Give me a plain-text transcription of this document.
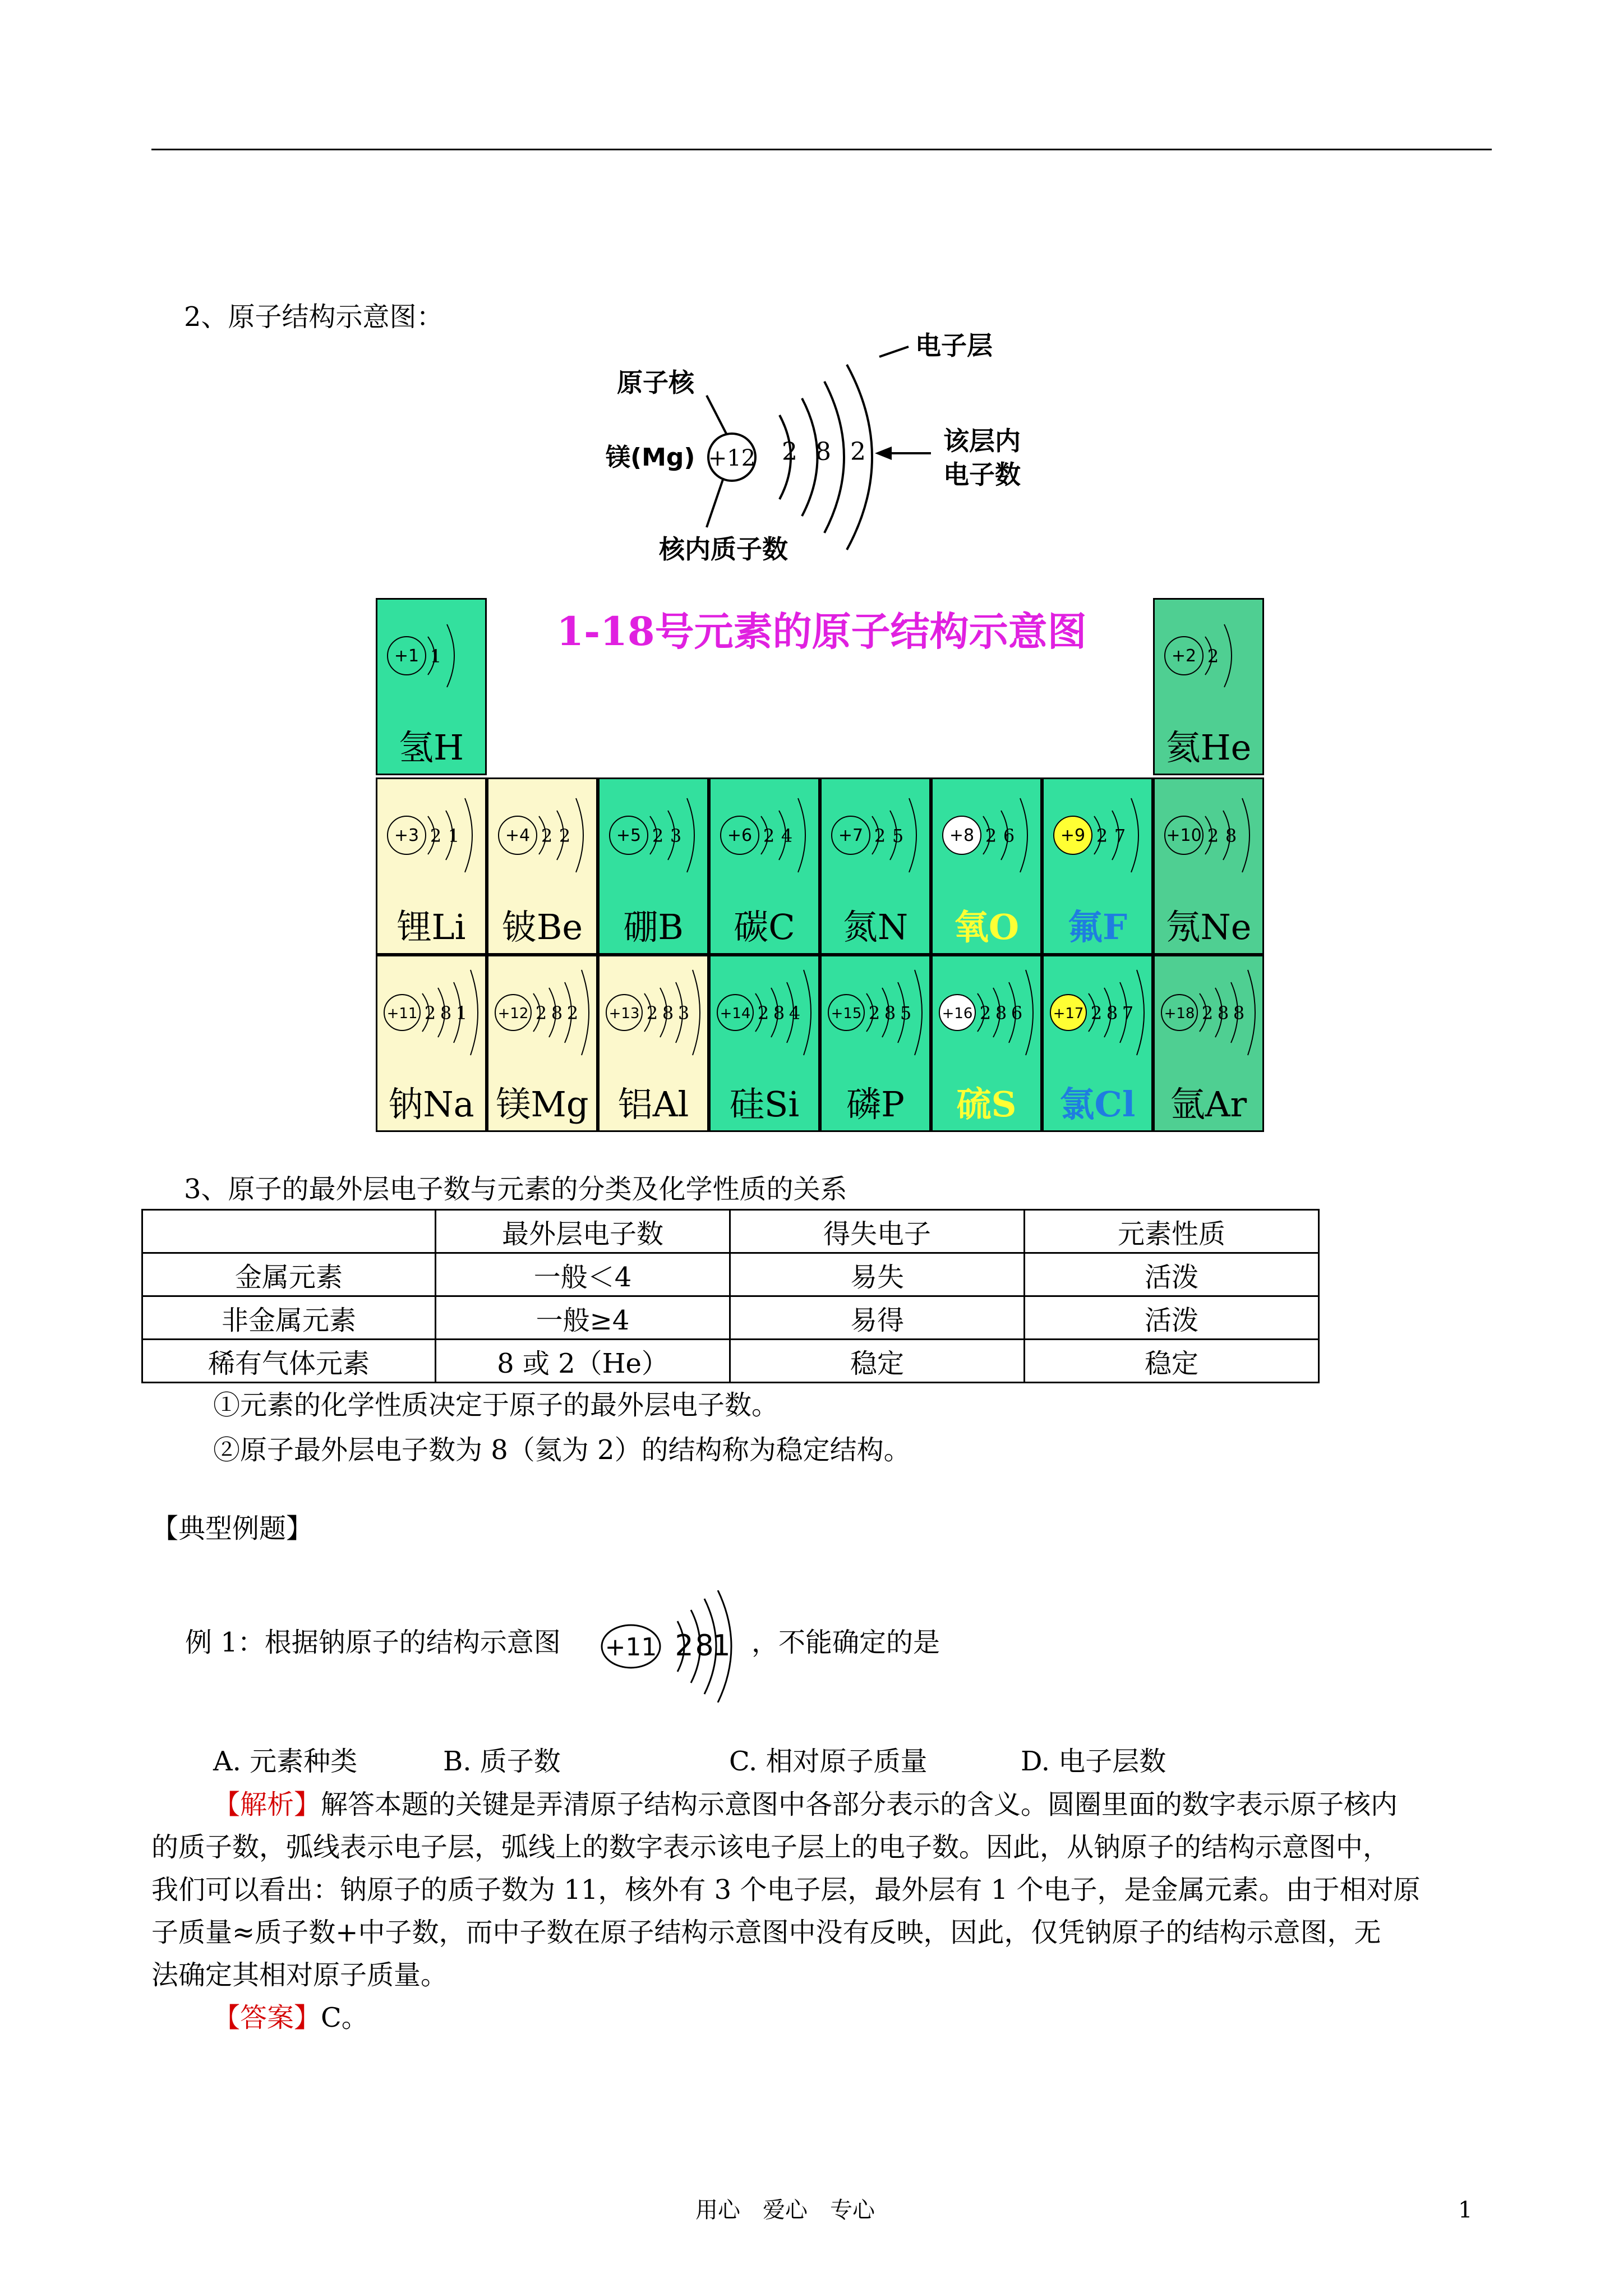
2、原子结构示意图：
+12 2 8 2
电子层
原子核
镁(Mg)
该层内
电子数
核内质子数
1-18号元素的原子结构示意图
+1 1
氢H
+2 2
氦He
+3 2 1
锂Li
+4 2 2
铍Be
+5 2 3
硼B
+6 2 4
碳C
+7 2 5
氮N
+8 2 6
氧O
+9 2 7
氟F
+10 2 8
氖Ne
+11 2 8 1
钠Na
+12 2 8 2
镁Mg
+13 2 8 3
铝Al
+14 2 8 4
硅Si
+15 2 8 5
磷P
+16 2 8 6
硫S
+17 2 8 7
氯Cl
+18 2 8 8
氩Ar
3、原子的最外层电子数与元素的分类及化学性质的关系
	最外层电子数	得失电子	元素性质
金属元素	一般＜4	易失	活泼
非金属元素	一般≥4	易得	活泼
稀有气体元素	8 或 2（He）	稳定	稳定
①元素的化学性质决定于原子的最外层电子数。
②原子最外层电子数为 8（氦为 2）的结构称为稳定结构。
【典型例题】
例 1：根据钠原子的结构示意图 +11 2 8
1 ，不能确定的是
A. 元素种类	B. 质子数	C. 相对原子质量	D. 电子层数
【解析】解答本题的关键是弄清原子结构示意图中各部分表示的含义。圆圈里面的数字表示原子核内
的质子数，弧线表示电子层，弧线上的数字表示该电子层上的电子数。因此，从钠原子的结构示意图中，
我们可以看出：钠原子的质子数为 11，核外有 3 个电子层，最外层有 1 个电子，是金属元素。由于相对原
子质量≈质子数+中子数，而中子数在原子结构示意图中没有反映，因此，仅凭钠原子的结构示意图，无
法确定其相对原子质量。
【答案】C。
用心　爱心　专心	1
